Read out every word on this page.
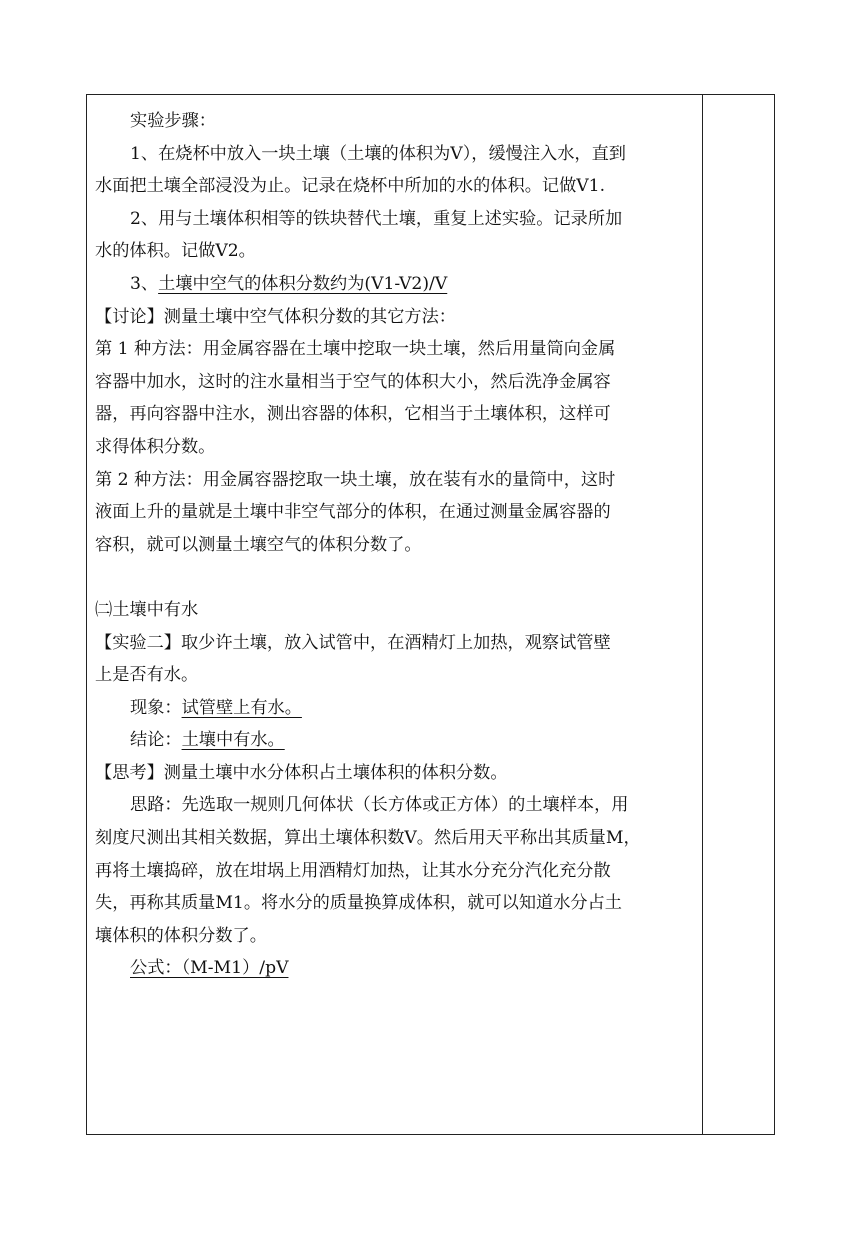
实验步骤：

1、在烧杯中放入一块土壤（土壤的体积为V），缓慢注入水，直到

水面把土壤全部浸没为止。记录在烧杯中所加的水的体积。记做V1.

2、用与土壤体积相等的铁块替代土壤，重复上述实验。记录所加

水的体积。记做V2。

3、土壤中空气的体积分数约为(V1-V2)/V

【讨论】测量土壤中空气体积分数的其它方法：

第 1 种方法：用金属容器在土壤中挖取一块土壤，然后用量筒向金属

容器中加水，这时的注水量相当于空气的体积大小，然后洗净金属容

器，再向容器中注水，测出容器的体积，它相当于土壤体积，这样可

求得体积分数。

第 2 种方法：用金属容器挖取一块土壤，放在装有水的量筒中，这时

液面上升的量就是土壤中非空气部分的体积，在通过测量金属容器的

容积，就可以测量土壤空气的体积分数了。

㈡土壤中有水

【实验二】取少许土壤，放入试管中，在酒精灯上加热，观察试管壁

上是否有水。

现象：试管壁上有水。

结论：土壤中有水。

【思考】测量土壤中水分体积占土壤体积的体积分数。

思路：先选取一规则几何体状（长方体或正方体）的土壤样本，用

刻度尺测出其相关数据，算出土壤体积数V。然后用天平称出其质量M，

再将土壤捣碎，放在坩埚上用酒精灯加热，让其水分充分汽化充分散

失，再称其质量M1。将水分的质量换算成体积，就可以知道水分占土

壤体积的体积分数了。

公式：（M-M1）/pV
